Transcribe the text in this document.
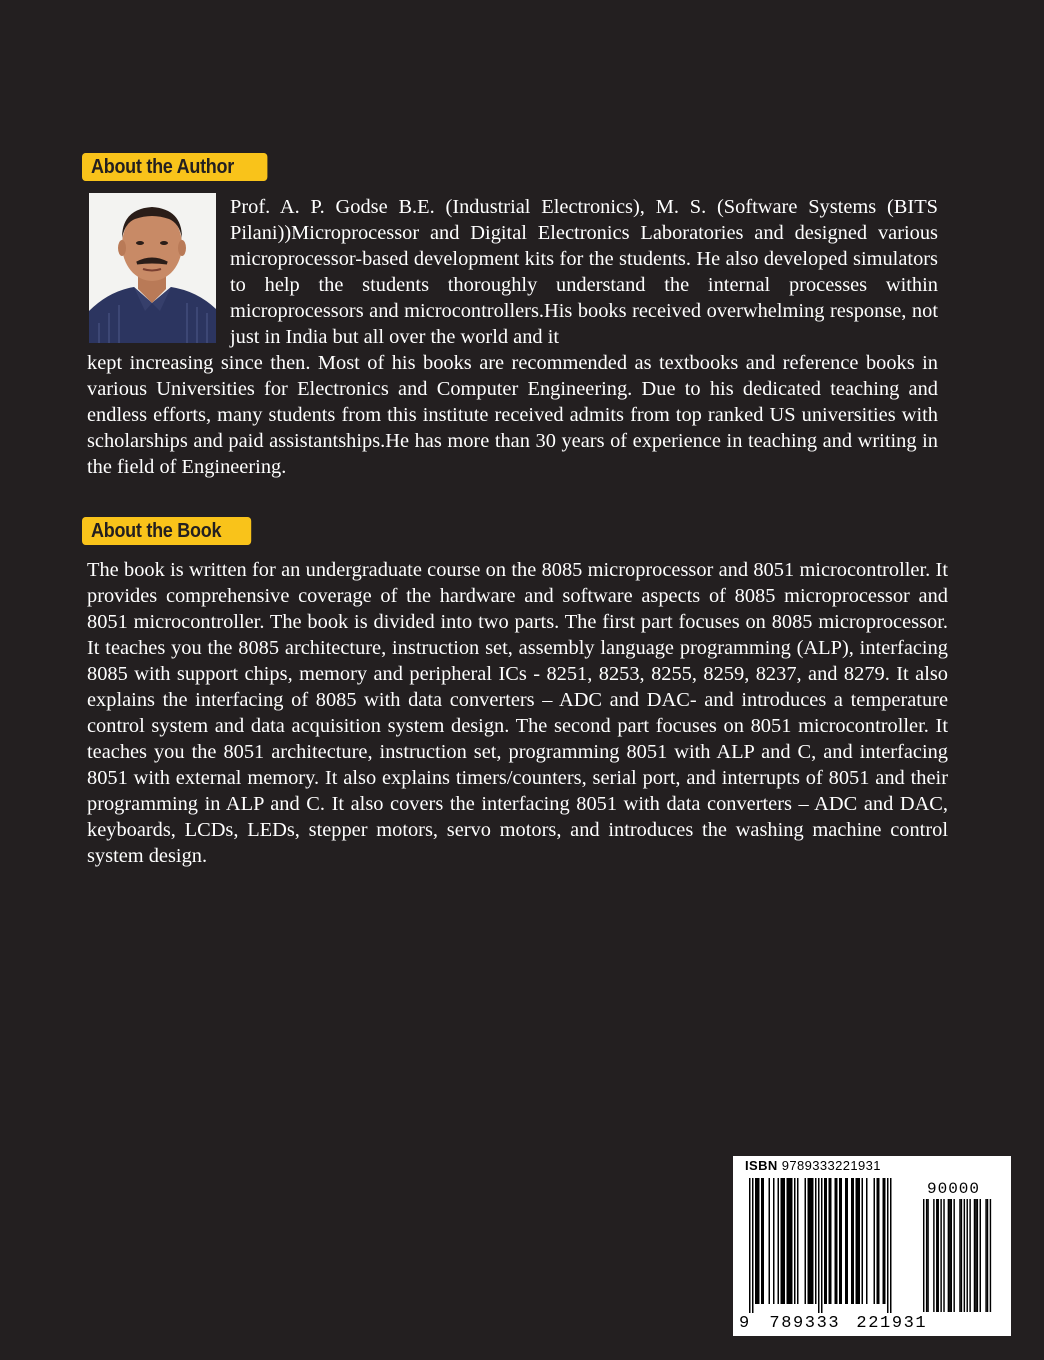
About the Author

Prof. A. P. Godse B.E. (Industrial Electronics), M. S. (Software Systems (BITS Pilani))Microprocessor and Digital Electronics Laboratories and designed various microprocessor-based development kits for the students. He also developed simulators to help the students thoroughly understand the internal processes within microprocessors and microcontrollers.His books received overwhelming response, not just in India but all over the world and it

kept increasing since then. Most of his books are recommended as textbooks and reference books in various Universities for Electronics and Computer Engineering. Due to his dedicated teaching and endless efforts, many students from this institute received admits from top ranked US universities with scholarships and paid assistantships.He has more than 30 years of experience in teaching and writing in the field of Engineering.

About the Book

The book is written for an undergraduate course on the 8085 microprocessor and 8051 microcontroller. It provides comprehensive coverage of the hardware and software aspects of 8085 microprocessor and 8051 microcontroller. The book is divided into two parts. The first part focuses on 8085 microprocessor. It teaches you the 8085 architecture, instruction set, assembly language programming (ALP), interfacing 8085 with support chips, memory and peripheral ICs - 8251, 8253, 8255, 8259, 8237, and 8279. It also explains the interfacing of 8085 with data converters – ADC and DAC- and introduces a temperature control system and data acquisition system design. The second part focuses on 8051 microcontroller. It teaches you the 8051 architecture, instruction set, programming 8051 with ALP and C, and interfacing 8051 with external memory. It also explains timers/counters, serial port, and interrupts of 8051 and their programming in ALP and C. It also covers the interfacing 8051 with data converters – ADC and DAC, keyboards, LCDs, LEDs, stepper motors, servo motors, and introduces the washing machine control system design.

ISBN 9789333221931
90000
9 789333 221931
